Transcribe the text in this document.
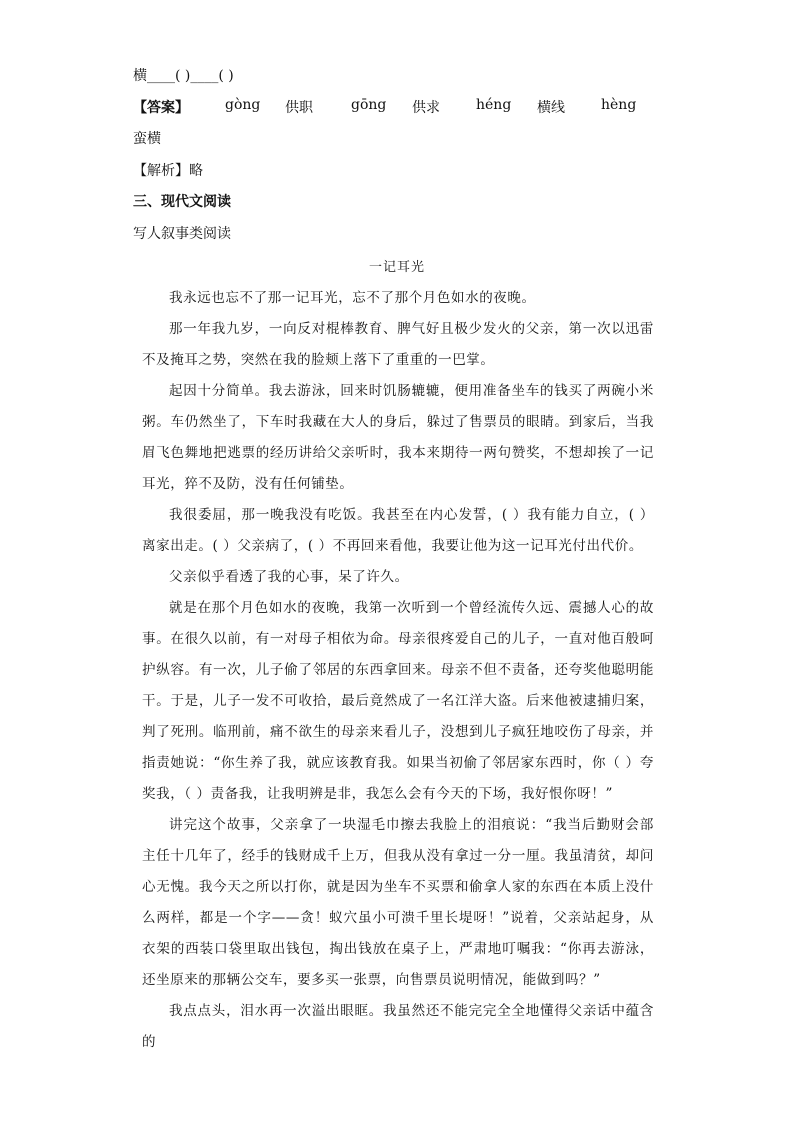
横____( )____( )
【答案】	gòng 供职	gōng 供求	héng 横线	hèng
蛮横
【解析】略
三、现代文阅读
写人叙事类阅读
一记耳光

我永远也忘不了那一记耳光，忘不了那个月色如水的夜晚。

那一年我九岁，一向反对棍棒教育、脾气好且极少发火的父亲，第一次以迅雷不及掩耳之势，突然在我的脸颊上落下了重重的一巴掌。

起因十分简单。我去游泳，回来时饥肠辘辘，便用准备坐车的钱买了两碗小米粥。车仍然坐了，下车时我藏在大人的身后，躲过了售票员的眼睛。到家后，当我眉飞色舞地把逃票的经历讲给父亲听时，我本来期待一两句赞奖，不想却挨了一记耳光，猝不及防，没有任何铺垫。

我很委屈，那一晚我没有吃饭。我甚至在内心发誓，( ）我有能力自立，( ）离家出走。( ）父亲病了，( ）不再回来看他，我要让他为这一记耳光付出代价。

父亲似乎看透了我的心事，呆了许久。

就是在那个月色如水的夜晚，我第一次听到一个曾经流传久远、震撼人心的故事。在很久以前，有一对母子相依为命。母亲很疼爱自己的儿子，一直对他百般呵护纵容。有一次，儿子偷了邻居的东西拿回来。母亲不但不责备，还夸奖他聪明能干。于是，儿子一发不可收拾，最后竟然成了一名江洋大盗。后来他被逮捕归案，判了死刑。临刑前，痛不欲生的母亲来看儿子，没想到儿子疯狂地咬伤了母亲，并指责她说：“你生养了我，就应该教育我。如果当初偷了邻居家东西时，你（ ）夸奖我，（ ）责备我，让我明辨是非，我怎么会有今天的下场，我好恨你呀！”

讲完这个故事，父亲拿了一块湿毛巾擦去我脸上的泪痕说：“我当后勤财会部主任十几年了，经手的钱财成千上万，但我从没有拿过一分一厘。我虽清贫，却问心无愧。我今天之所以打你，就是因为坐车不买票和偷拿人家的东西在本质上没什么两样，都是一个字——贪！蚁穴虽小可溃千里长堤呀！”说着，父亲站起身，从衣架的西装口袋里取出钱包，掏出钱放在桌子上，严肃地叮嘱我：“你再去游泳，还坐原来的那辆公交车，要多买一张票，向售票员说明情况，能做到吗？”

我点点头，泪水再一次溢出眼眶。我虽然还不能完完全全地懂得父亲话中蕴含的
